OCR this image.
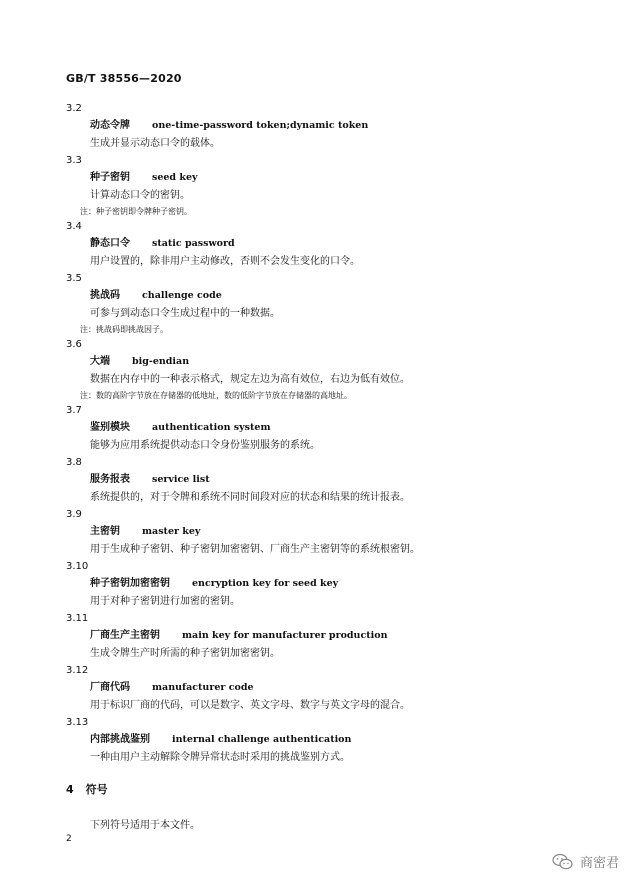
GB/T 38556—2020
3.2
动态令牌 one-time-password token;dynamic token
生成并显示动态口令的载体。
3.3
种子密钥 seed key
计算动态口令的密钥。
注：种子密钥即令牌种子密钥。
3.4
静态口令 static password
用户设置的，除非用户主动修改，否则不会发生变化的口令。
3.5
挑战码 challenge code
可参与到动态口令生成过程中的一种数据。
注：挑战码即挑战因子。
3.6
大端 big-endian
数据在内存中的一种表示格式，规定左边为高有效位，右边为低有效位。
注：数的高阶字节放在存储器的低地址，数的低阶字节放在存储器的高地址。
3.7
鉴别模块 authentication system
能够为应用系统提供动态口令身份鉴别服务的系统。
3.8
服务报表 service list
系统提供的，对于令牌和系统不同时间段对应的状态和结果的统计报表。
3.9
主密钥 master key
用于生成种子密钥、种子密钥加密密钥、厂商生产主密钥等的系统根密钥。
3.10
种子密钥加密密钥 encryption key for seed key
用于对种子密钥进行加密的密钥。
3.11
厂商生产主密钥 main key for manufacturer production
生成令牌生产时所需的种子密钥加密密钥。
3.12
厂商代码 manufacturer code
用于标识厂商的代码，可以是数字、英文字母、数字与英文字母的混合。
3.13
内部挑战鉴别 internal challenge authentication
一种由用户主动解除令牌异常状态时采用的挑战鉴别方式。
4 符号
下列符号适用于本文件。
2
商密君
